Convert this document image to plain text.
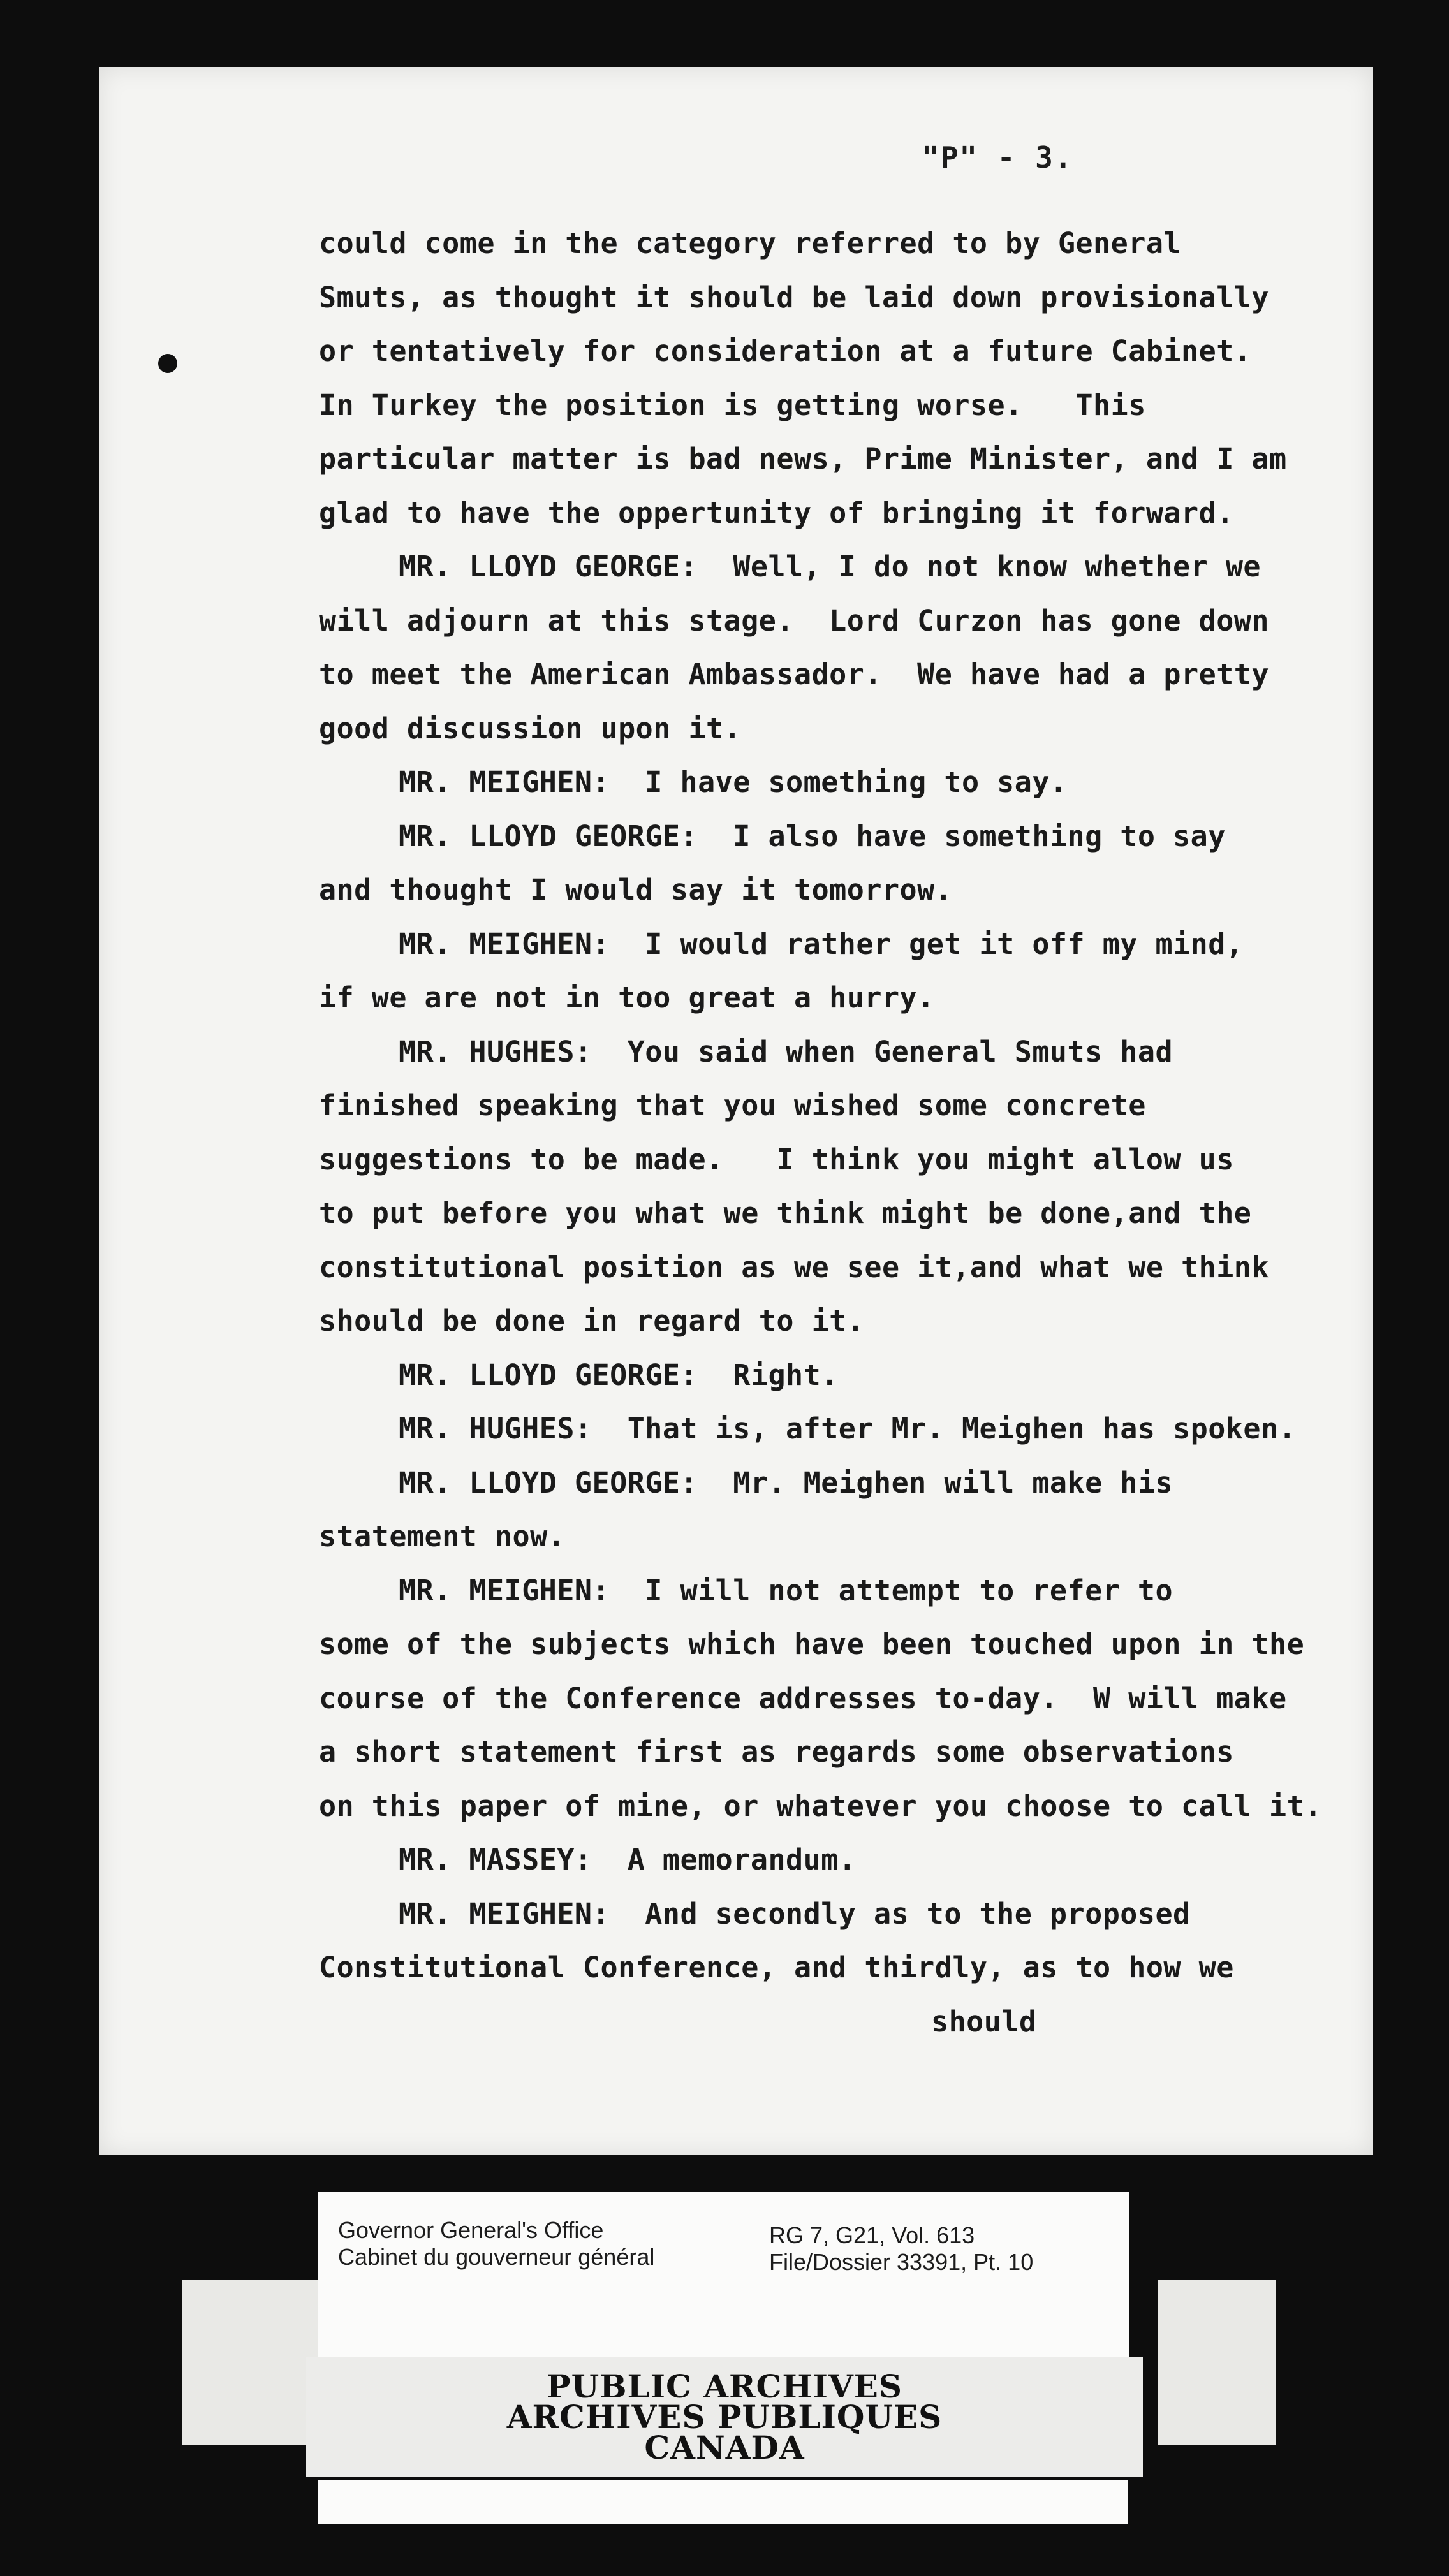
"P" - 3.
could come in the category referred to by General
Smuts, as thought it should be laid down provisionally
or tentatively for consideration at a future Cabinet.
In Turkey the position is getting worse.   This
particular matter is bad news, Prime Minister, and I am
glad to have the oppertunity of bringing it forward.
MR. LLOYD GEORGE:  Well, I do not know whether we
will adjourn at this stage.  Lord Curzon has gone down
to meet the American Ambassador.  We have had a pretty
good discussion upon it.
MR. MEIGHEN:  I have something to say.
MR. LLOYD GEORGE:  I also have something to say
and thought I would say it tomorrow.
MR. MEIGHEN:  I would rather get it off my mind,
if we are not in too great a hurry.
MR. HUGHES:  You said when General Smuts had
finished speaking that you wished some concrete
suggestions to be made.   I think you might allow us
to put before you what we think might be done,and the
constitutional position as we see it,and what we think
should be done in regard to it.
MR. LLOYD GEORGE:  Right.
MR. HUGHES:  That is, after Mr. Meighen has spoken.
MR. LLOYD GEORGE:  Mr. Meighen will make his
statement now.
MR. MEIGHEN:  I will not attempt to refer to
some of the subjects which have been touched upon in the
course of the Conference addresses to-day.  W will make
a short statement first as regards some observations
on this paper of mine, or whatever you choose to call it.
MR. MASSEY:  A memorandum.
MR. MEIGHEN:  And secondly as to the proposed
Constitutional Conference, and thirdly, as to how we
should
Governor General's Office
Cabinet du gouverneur général
RG 7, G21, Vol. 613
File/Dossier 33391, Pt. 10
PUBLIC ARCHIVES
ARCHIVES PUBLIQUES
CANADA
